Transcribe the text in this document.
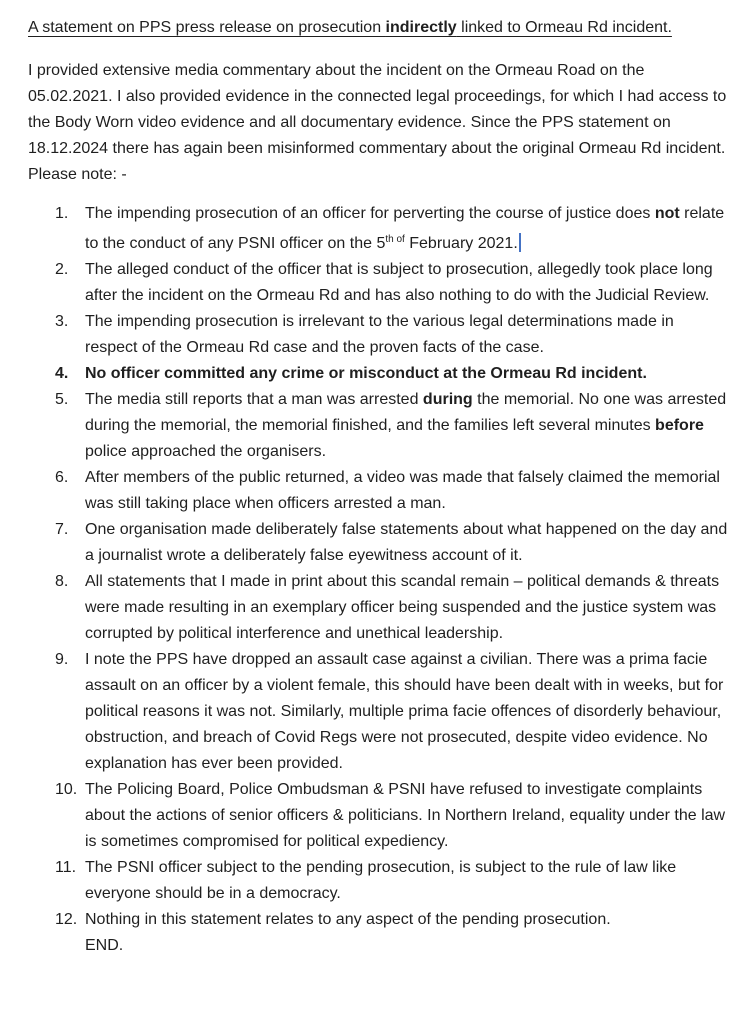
A statement on PPS press release on prosecution indirectly linked to Ormeau Rd incident.

I provided extensive media commentary about the incident on the Ormeau Road on the 05.02.2021. I also provided evidence in the connected legal proceedings, for which I had access to the Body Worn video evidence and all documentary evidence. Since the PPS statement on 18.12.2024 there has again been misinformed commentary about the original Ormeau Rd incident. Please note: -

1.	The impending prosecution of an officer for perverting the course of justice does not relate to the conduct of any PSNI officer on the $5^{th of}$ February 2021.
2.	The alleged conduct of the officer that is subject to prosecution, allegedly took place long after the incident on the Ormeau Rd and has also nothing to do with the Judicial Review.
3.	The impending prosecution is irrelevant to the various legal determinations made in respect of the Ormeau Rd case and the proven facts of the case.
4.	No officer committed any crime or misconduct at the Ormeau Rd incident.
5.	The media still reports that a man was arrested during the memorial. No one was arrested during the memorial, the memorial finished, and the families left several minutes before police approached the organisers.
6.	After members of the public returned, a video was made that falsely claimed the memorial was still taking place when officers arrested a man.
7.	One organisation made deliberately false statements about what happened on the day and a journalist wrote a deliberately false eyewitness account of it.
8.	All statements that I made in print about this scandal remain – political demands & threats were made resulting in an exemplary officer being suspended and the justice system was corrupted by political interference and unethical leadership.
9.	I note the PPS have dropped an assault case against a civilian. There was a prima facie assault on an officer by a violent female, this should have been dealt with in weeks, but for political reasons it was not. Similarly, multiple prima facie offences of disorderly behaviour, obstruction, and breach of Covid Regs were not prosecuted, despite video evidence. No explanation has ever been provided.
10. The Policing Board, Police Ombudsman & PSNI have refused to investigate complaints about the actions of senior officers & politicians. In Northern Ireland, equality under the law is sometimes compromised for political expediency.
11. The PSNI officer subject to the pending prosecution, is subject to the rule of law like everyone should be in a democracy.
12. Nothing in this statement relates to any aspect of the pending prosecution.
END.
